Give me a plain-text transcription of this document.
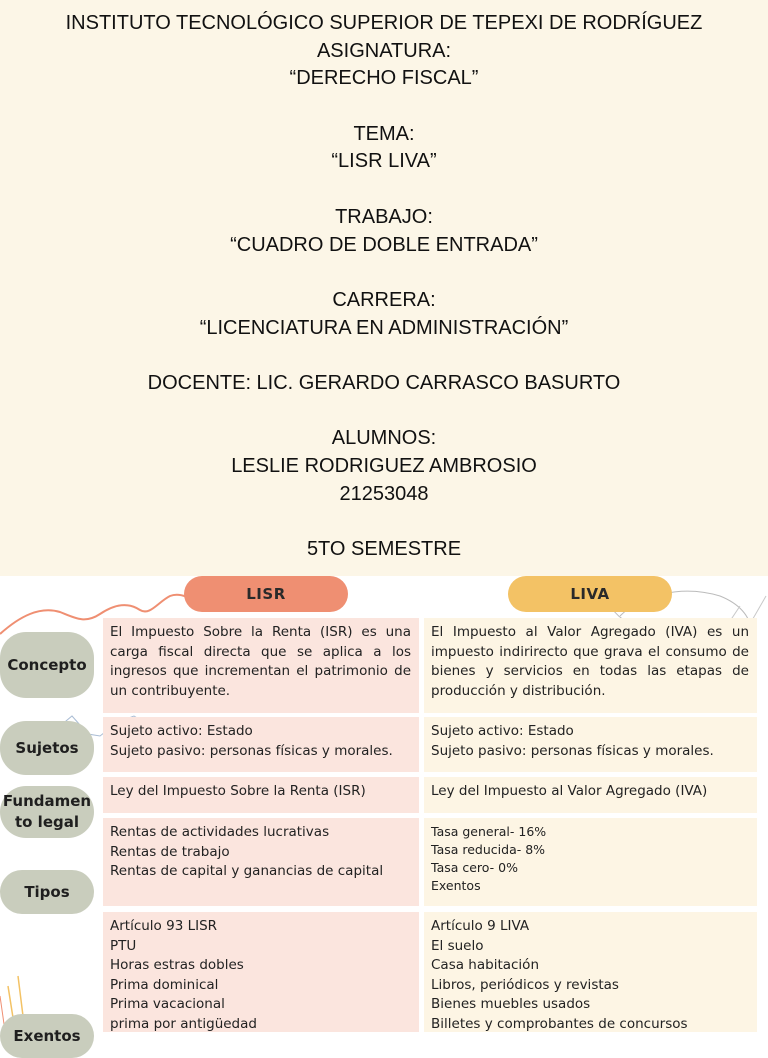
INSTITUTO TECNOLÓGICO SUPERIOR DE TEPEXI DE RODRÍGUEZ
ASIGNATURA:
“DERECHO FISCAL”
TEMA:
“LISR LIVA”
TRABAJO:
“CUADRO DE DOBLE ENTRADA”
CARRERA:
“LICENCIATURA EN ADMINISTRACIÓN”
DOCENTE: LIC. GERARDO CARRASCO BASURTO
ALUMNOS:
LESLIE RODRIGUEZ AMBROSIO
21253048
5TO SEMESTRE
LISR	LIVA
Concepto
El Impuesto Sobre la Renta (ISR) es una carga fiscal directa que se aplica a los ingresos que incrementan el patrimonio de un contribuyente.
El Impuesto al Valor Agregado (IVA) es un impuesto indirirecto que grava el consumo de bienes y servicios en todas las etapas de producción y distribución.
Sujetos
Sujeto activo: Estado
Sujeto pasivo: personas físicas y morales.
Sujeto activo: Estado
Sujeto pasivo: personas físicas y morales.
Fundamen
to legal
Ley del Impuesto Sobre la Renta (ISR)	Ley del Impuesto al Valor Agregado (IVA)
Tipos
Rentas de actividades lucrativas
Rentas de trabajo
Rentas de capital y ganancias de capital
Tasa general- 16%
Tasa reducida- 8%
Tasa cero- 0%
Exentos
Exentos
Artículo 93 LISR
PTU
Horas estras dobles
Prima dominical
Prima vacacional
prima por antigüedad
Artículo 9 LIVA
El suelo
Casa habitación
Libros, periódicos y revistas
Bienes muebles usados
Billetes y comprobantes de concursos
